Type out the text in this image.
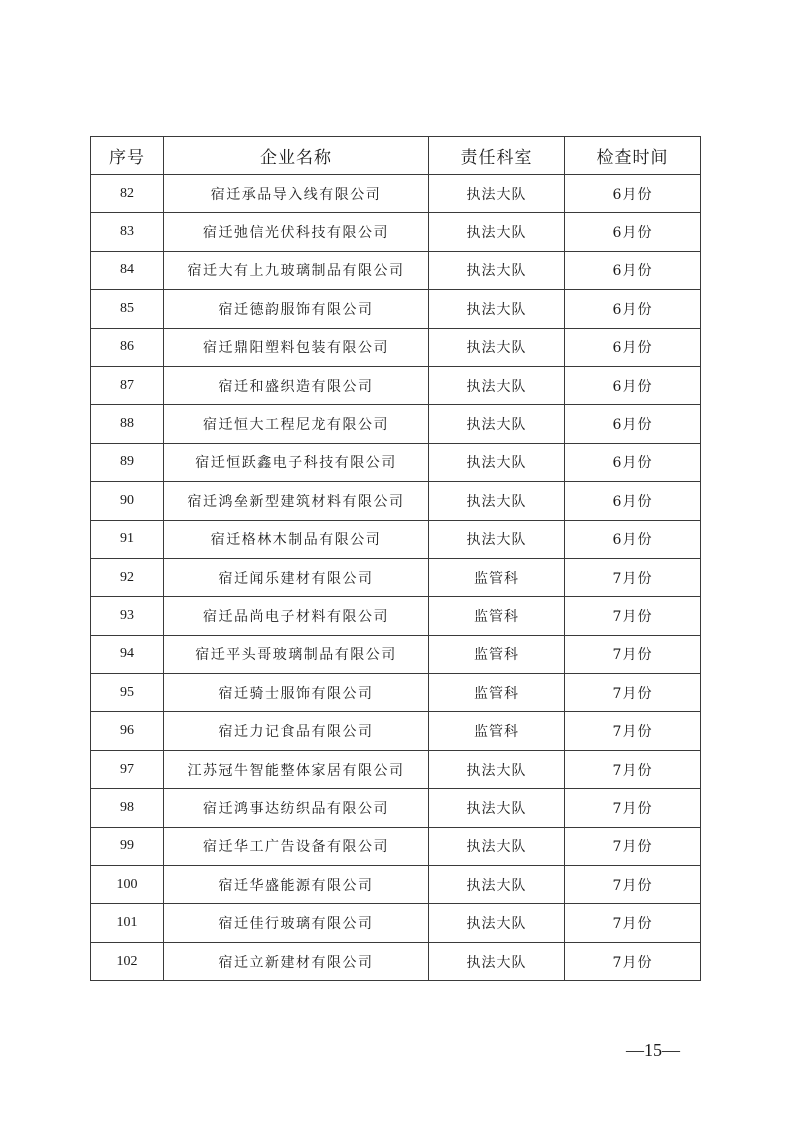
序号	企业名称	责任科室	检查时间
82	宿迁承品导入线有限公司	执法大队	6月份
83	宿迁弛信光伏科技有限公司	执法大队	6月份
84	宿迁大有上九玻璃制品有限公司	执法大队	6月份
85	宿迁德韵服饰有限公司	执法大队	6月份
86	宿迁鼎阳塑料包装有限公司	执法大队	6月份
87	宿迁和盛织造有限公司	执法大队	6月份
88	宿迁恒大工程尼龙有限公司	执法大队	6月份
89	宿迁恒跃鑫电子科技有限公司	执法大队	6月份
90	宿迁鸿垒新型建筑材料有限公司	执法大队	6月份
91	宿迁格林木制品有限公司	执法大队	6月份
92	宿迁闻乐建材有限公司	监管科	7月份
93	宿迁品尚电子材料有限公司	监管科	7月份
94	宿迁平头哥玻璃制品有限公司	监管科	7月份
95	宿迁骑士服饰有限公司	监管科	7月份
96	宿迁力记食品有限公司	监管科	7月份
97	江苏冠牛智能整体家居有限公司	执法大队	7月份
98	宿迁鸿事达纺织品有限公司	执法大队	7月份
99	宿迁华工广告设备有限公司	执法大队	7月份
100	宿迁华盛能源有限公司	执法大队	7月份
101	宿迁佳行玻璃有限公司	执法大队	7月份
102	宿迁立新建材有限公司	执法大队	7月份
—15—
